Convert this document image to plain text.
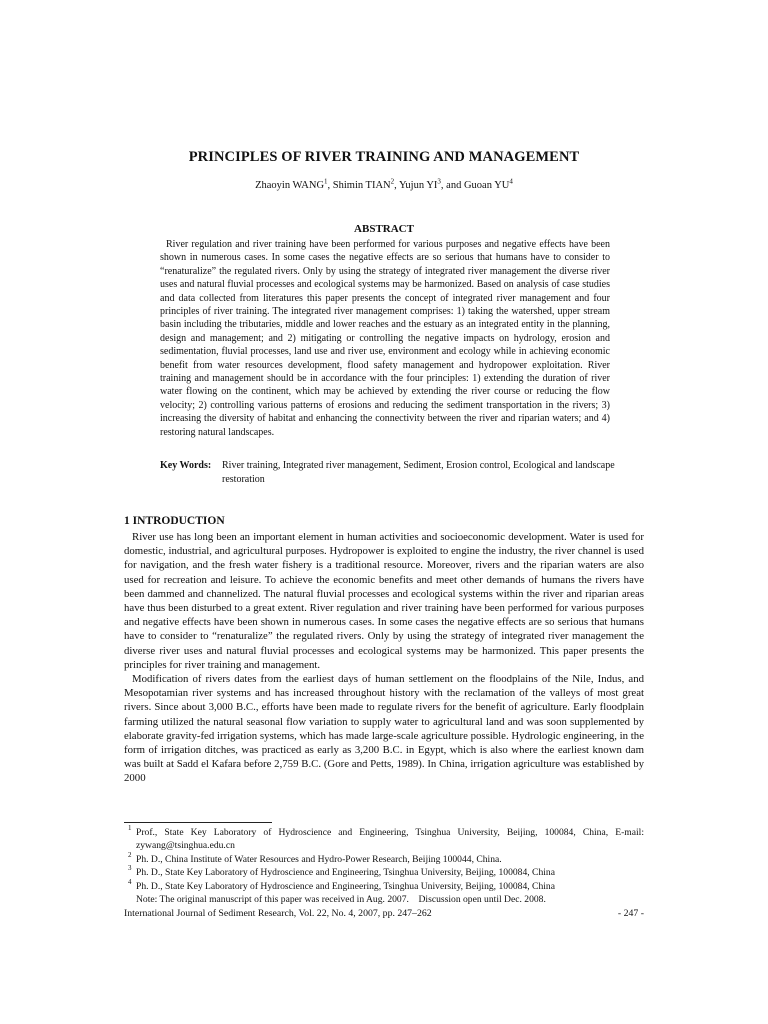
PRINCIPLES OF RIVER TRAINING AND MANAGEMENT
Zhaoyin WANG$^1$, Shimin TIAN$^2$, Yujun $YI^3$, and Guoan $YU^4$
ABSTRACT
River regulation and river training have been performed for various purposes and negative effects have been shown in numerous cases. In some cases the negative effects are so serious that humans have to consider to “renaturalize” the regulated rivers. Only by using the strategy of integrated river management the diverse river uses and natural fluvial processes and ecological systems may be harmonized. Based on analysis of case studies and data collected from literatures this paper presents the concept of integrated river management and four principles of river training. The integrated river management comprises: 1) taking the watershed, upper stream basin including the tributaries, middle and lower reaches and the estuary as an integrated entity in the planning, design and management; and 2) mitigating or controlling the negative impacts on hydrology, erosion and sedimentation, fluvial processes, land use and river use, environment and ecology while in achieving economic benefit from water resources development, flood safety management and hydropower exploitation. River training and management should be in accordance with the four principles: 1) extending the duration of river water flowing on the continent, which may be achieved by extending the river course or reducing the flow velocity; 2) controlling various patterns of erosions and reducing the sediment transportation in the rivers; 3) increasing the diversity of habitat and enhancing the connectivity between the river and riparian waters; and 4) restoring natural landscapes.
Key Words: River training, Integrated river management, Sediment, Erosion control, Ecological and landscape restoration
1 INTRODUCTION

River use has long been an important element in human activities and socioeconomic development. Water is used for domestic, industrial, and agricultural purposes. Hydropower is exploited to engine the industry, the river channel is used for navigation, and the fresh water fishery is a traditional resource. Moreover, rivers and the riparian waters are also used for recreation and leisure. To achieve the economic benefits and meet other demands of humans the rivers have been dammed and channelized. The natural fluvial processes and ecological systems within the river and riparian areas have thus been disturbed to a great extent. River regulation and river training have been performed for various purposes and negative effects have been shown in numerous cases. In some cases the negative effects are so serious that humans have to consider to “renaturalize” the regulated rivers. Only by using the strategy of integrated river management the diverse river uses and natural fluvial processes and ecological systems may be harmonized. This paper presents the principles for river training and management.

Modification of rivers dates from the earliest days of human settlement on the floodplains of the Nile, Indus, and Mesopotamian river systems and has increased throughout history with the reclamation of the valleys of most great rivers. Since about 3,000 B.C., efforts have been made to regulate rivers for the benefit of agriculture. Early floodplain farming utilized the natural seasonal flow variation to supply water to agricultural land and was soon supplemented by elaborate gravity-fed irrigation systems, which has made large-scale agriculture possible. Hydrologic engineering, in the form of irrigation ditches, was practiced as early as 3,200 B.C. in Egypt, which is also where the earliest known dam was built at Sadd el Kafara before 2,759 B.C. (Gore and Petts, 1989). In China, irrigation agriculture was established by 2000

1 Prof., State Key Laboratory of Hydroscience and Engineering, Tsinghua University, Beijing, 100084, China, E-mail: zywang@tsinghua.edu.cn
2 Ph. D., China Institute of Water Resources and Hydro-Power Research, Beijing 100044, China.
3 Ph. D., State Key Laboratory of Hydroscience and Engineering, Tsinghua University, Beijing, 100084, China
4 Ph. D., State Key Laboratory of Hydroscience and Engineering, Tsinghua University, Beijing, 100084, China
Note: The original manuscript of this paper was received in Aug. 2007.    Discussion open until Dec. 2008.
International Journal of Sediment Research, Vol. 22, No. 4, 2007, pp. 247–262	- 247 -
